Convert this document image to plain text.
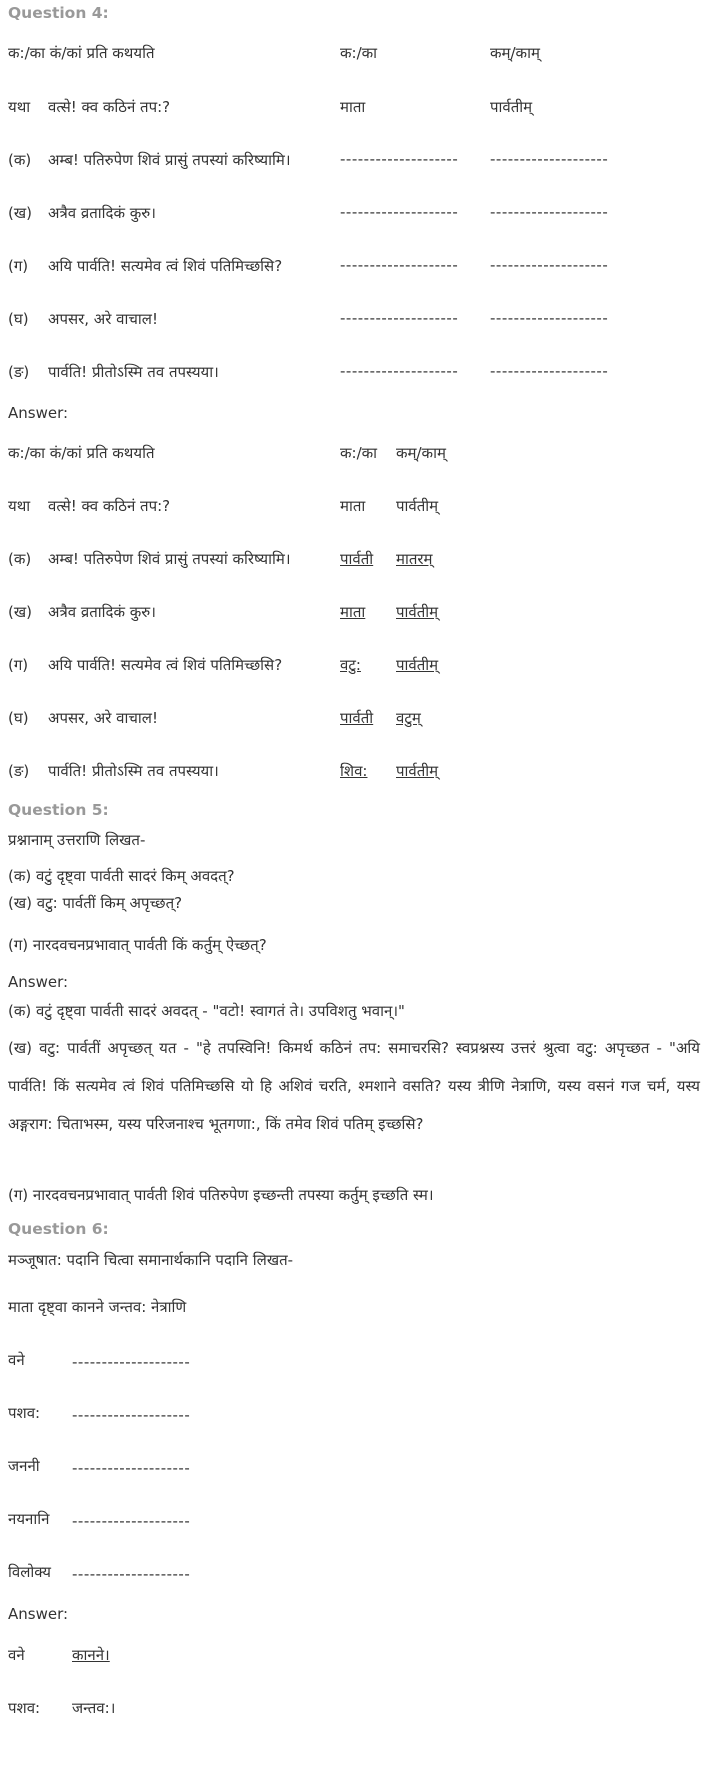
Question 4:
क:/का कं/कां प्रति कथयति	क:/का	कम्/काम्
यथा वत्से! क्व कठिनं तप:?	माता	पार्वतीम्
(क) अम्ब! पतिरुपेण शिवं प्रासुं तपस्यां करिष्यामि।	-------------------- --------------------
(ख) अत्रैव व्रतादिकं कुरु।	-------------------- --------------------
(ग) अयि पार्वति! सत्यमेव त्वं शिवं पतिमिच्छसि?	-------------------- --------------------
(घ) अपसर, अरे वाचाल!	-------------------- --------------------
(ङ) पार्वति! प्रीतोऽस्मि तव तपस्यया।	-------------------- --------------------
Answer:
क:/का कं/कां प्रति कथयति	क:/का कम्/काम्
यथा वत्से! क्व कठिनं तप:?	माता पार्वतीम्
(क) अम्ब! पतिरुपेण शिवं प्रासुं तपस्यां करिष्यामि।	पार्वती मातरम्
(ख) अत्रैव व्रतादिकं कुरु।	माता पार्वतीम्
(ग) अयि पार्वति! सत्यमेव त्वं शिवं पतिमिच्छसि?	वटु: पार्वतीम्
(घ) अपसर, अरे वाचाल!	पार्वती वटुम्
(ङ) पार्वति! प्रीतोऽस्मि तव तपस्यया।	शिव: पार्वतीम्
Question 5:
प्रश्नानाम् उत्तराणि लिखत-
(क) वटुं दृष्ट्वा पार्वती सादरं किम् अवदत्?
(ख) वटु: पार्वतीं किम् अपृच्छत्?
(ग) नारदवचनप्रभावात् पार्वती किं कर्तुम् ऐच्छत्?
Answer:
(क) वटुं दृष्ट्वा पार्वती सादरं अवदत् - "वटो! स्वागतं ते। उपविशतु भवान्।"
(ख) वटु: पार्वतीं अपृच्छत् यत - "हे तपस्विनि! किमर्थ कठिनं तप: समाचरसि? स्वप्रश्नस्य उत्तरं श्रुत्वा वटु: अपृच्छत - "अयि पार्वति! किं सत्यमेव त्वं शिवं पतिमिच्छसि यो हि अशिवं चरति, श्मशाने वसति? यस्य त्रीणि नेत्राणि, यस्य वसनं गज चर्म, यस्य अङ्गराग: चिताभस्म, यस्य परिजनाश्च भूतगणा:, किं तमेव शिवं पतिम् इच्छसि?
(ग) नारदवचनप्रभावात् पार्वती शिवं पतिरुपेण इच्छन्ती तपस्या कर्तुम् इच्छति स्म।
Question 6:
मञ्जूषात: पदानि चित्वा समानार्थकानि पदानि लिखत-
माता दृष्ट्वा कानने जन्तव: नेत्राणि
वने	--------------------
पशव: --------------------
जननी --------------------
नयनानि --------------------
विलोक्य --------------------
Answer:
वने	कानने।
पशव: जन्तव:।
